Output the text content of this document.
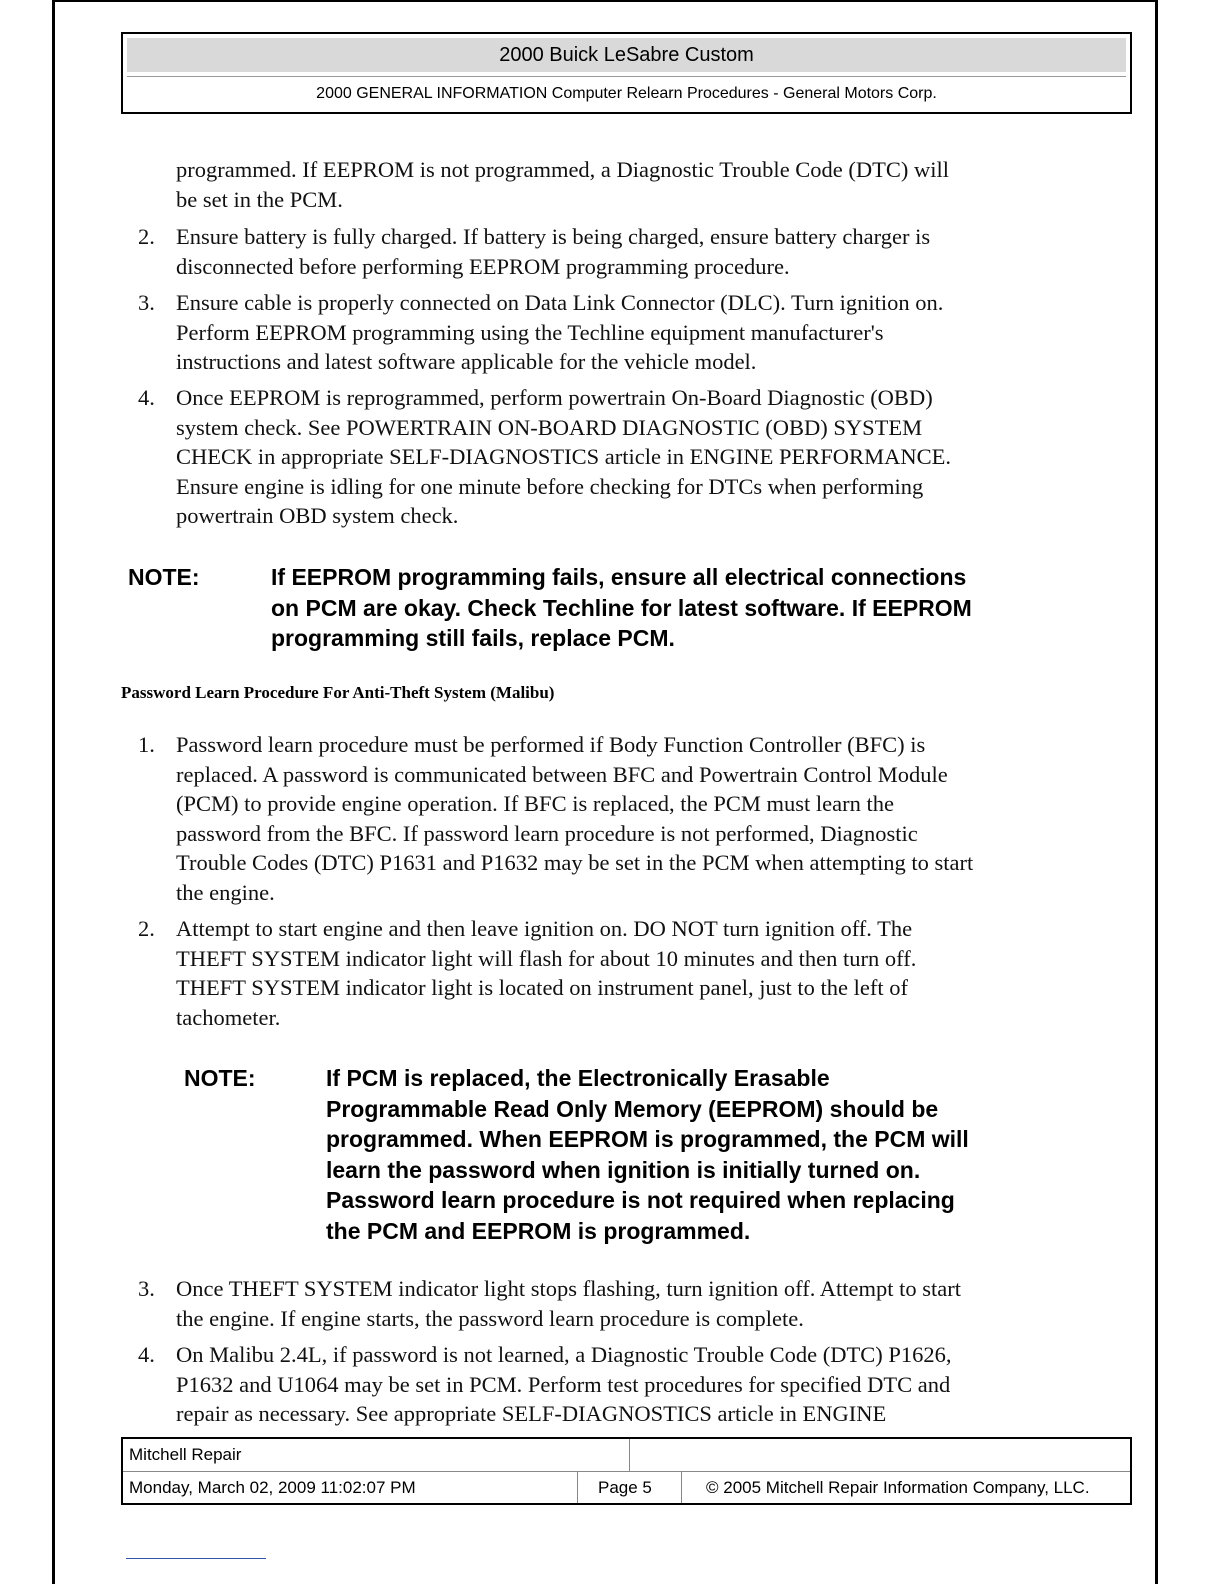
2000 Buick LeSabre Custom
2000 GENERAL INFORMATION Computer Relearn Procedures - General Motors Corp.
programmed. If EEPROM is not programmed, a Diagnostic Trouble Code (DTC) will
be set in the PCM.
2. Ensure battery is fully charged. If battery is being charged, ensure battery charger is
disconnected before performing EEPROM programming procedure.
3. Ensure cable is properly connected on Data Link Connector (DLC). Turn ignition on.
Perform EEPROM programming using the Techline equipment manufacturer's
instructions and latest software applicable for the vehicle model.
4. Once EEPROM is reprogrammed, perform powertrain On-Board Diagnostic (OBD)
system check. See POWERTRAIN ON-BOARD DIAGNOSTIC (OBD) SYSTEM
CHECK in appropriate SELF-DIAGNOSTICS article in ENGINE PERFORMANCE.
Ensure engine is idling for one minute before checking for DTCs when performing
powertrain OBD system check.
NOTE:	If EEPROM programming fails, ensure all electrical connections
on PCM are okay. Check Techline for latest software. If EEPROM
programming still fails, replace PCM.
Password Learn Procedure For Anti-Theft System (Malibu)
1. Password learn procedure must be performed if Body Function Controller (BFC) is
replaced. A password is communicated between BFC and Powertrain Control Module
(PCM) to provide engine operation. If BFC is replaced, the PCM must learn the
password from the BFC. If password learn procedure is not performed, Diagnostic
Trouble Codes (DTC) P1631 and P1632 may be set in the PCM when attempting to start
the engine.
2. Attempt to start engine and then leave ignition on. DO NOT turn ignition off. The
THEFT SYSTEM indicator light will flash for about 10 minutes and then turn off.
THEFT SYSTEM indicator light is located on instrument panel, just to the left of
tachometer.
NOTE:	If PCM is replaced, the Electronically Erasable
Programmable Read Only Memory (EEPROM) should be
programmed. When EEPROM is programmed, the PCM will
learn the password when ignition is initially turned on.
Password learn procedure is not required when replacing
the PCM and EEPROM is programmed.
3. Once THEFT SYSTEM indicator light stops flashing, turn ignition off. Attempt to start
the engine. If engine starts, the password learn procedure is complete.
4. On Malibu 2.4L, if password is not learned, a Diagnostic Trouble Code (DTC) P1626,
P1632 and U1064 may be set in PCM. Perform test procedures for specified DTC and
repair as necessary. See appropriate SELF-DIAGNOSTICS article in ENGINE
Mitchell Repair
Monday, March 02, 2009 11:02:07 PM	Page 5	© 2005 Mitchell Repair Information Company, LLC.
